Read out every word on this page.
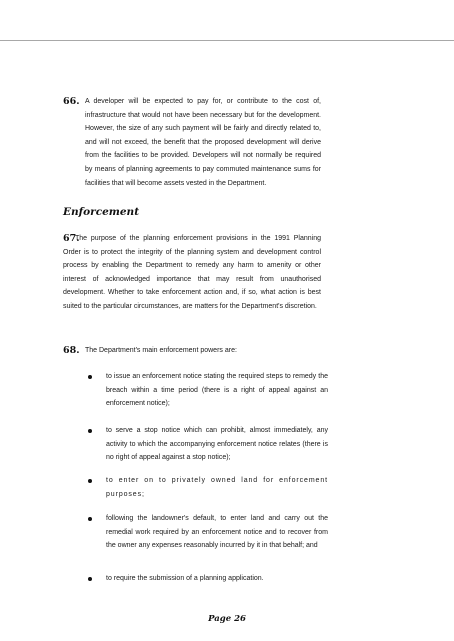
66. A developer will be expected to pay for, or contribute to the cost of, infrastructure that would not have been necessary but for the development. However, the size of any such payment will be fairly and directly related to, and will not exceed, the benefit that the proposed development will derive from the facilities to be provided. Developers will not normally be required by means of planning agreements to pay commuted maintenance sums for facilities that will become assets vested in the Department.
Enforcement
67.
The purpose of the planning enforcement provisions in the 1991 Planning Order is to protect the integrity of the planning system and development control process by enabling the Department to remedy any harm to amenity or other interest of acknowledged importance that may result from unauthorised development. Whether to take enforcement action and, if so, what action is best suited to the particular circumstances, are matters for the Department's discretion.
68. The Department's main enforcement powers are:
to issue an enforcement notice stating the required steps to remedy the breach within a time period (there is a right of appeal against an enforcement notice);
to serve a stop notice which can prohibit, almost immediately, any activity to which the accompanying enforcement notice relates (there is no right of appeal against a stop notice);
to enter on to privately owned land for enforcement purposes;
following the landowner's default, to enter land and carry out the remedial work required by an enforcement notice and to recover from the owner any expenses reasonably incurred by it in that behalf; and
to require the submission of a planning application.
Page 26
